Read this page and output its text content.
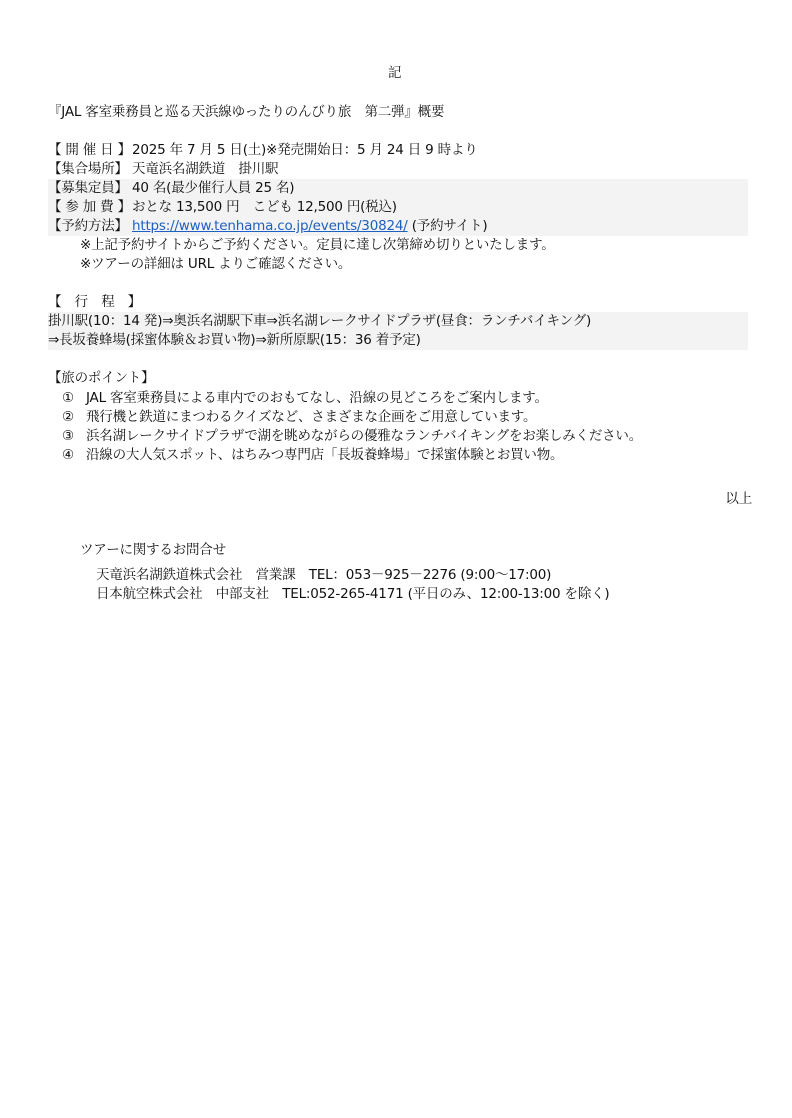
記
『JAL 客室乗務員と巡る天浜線ゆったりのんびり旅　第二弾』概要
【 開 催 日 】2025 年 7 月 5 日(土)※発売開始日：5 月 24 日 9 時より
【集合場所】 天竜浜名湖鉄道　掛川駅
【募集定員】 40 名(最少催行人員 25 名)
【 参 加 費 】おとな 13,500 円　こども 12,500 円(税込)
【予約方法】 https://www.tenhama.co.jp/events/30824/ (予約サイト)
※上記予約サイトからご予約ください。定員に達し次第締め切りといたします。
※ツアーの詳細は URL よりご確認ください。
【　行　程　】
掛川駅(10：14 発)⇒奥浜名湖駅下車⇒浜名湖レークサイドプラザ(昼食：ランチバイキング)
⇒長坂養蜂場(採蜜体験＆お買い物)⇒新所原駅(15：36 着予定)
【旅のポイント】
① JAL 客室乗務員による車内でのおもてなし、沿線の見どころをご案内します。
② 飛行機と鉄道にまつわるクイズなど、さまざまな企画をご用意しています。
③ 浜名湖レークサイドプラザで湖を眺めながらの優雅なランチバイキングをお楽しみください。
④ 沿線の大人気スポット、はちみつ専門店「長坂養蜂場」で採蜜体験とお買い物。
以上
ツアーに関するお問合せ
天竜浜名湖鉄道株式会社　営業課　TEL：053－925－2276 (9:00～17:00)
日本航空株式会社　中部支社　TEL:052-265-4171 (平日のみ、12:00-13:00 を除く)
